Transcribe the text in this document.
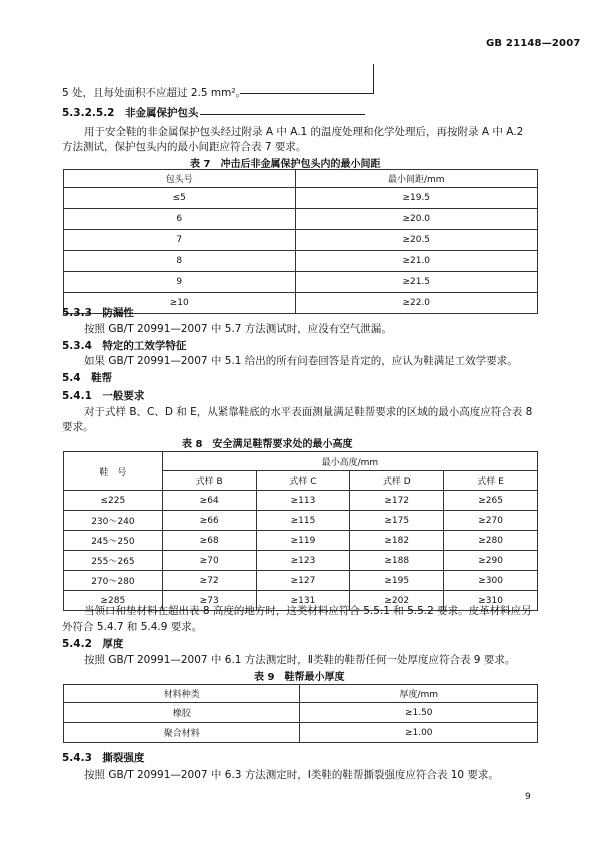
GB 21148—2007
5 处，且每处面积不应超过 2.5 mm²。
5.3.2.5.2　非金属保护包头
用于安全鞋的非金属保护包头经过附录 A 中 A.1 的温度处理和化学处理后，再按附录 A 中 A.2
方法测试，保护包头内的最小间距应符合表 7 要求。
表 7　冲击后非金属保护包头内的最小间距
包头号	最小间距/mm
≤5	≥19.5
6	≥20.0
7	≥20.5
8	≥21.0
9	≥21.5
≥10	≥22.0
5.3.3　防漏性
按照 GB/T 20991—2007 中 5.7 方法测试时，应没有空气泄漏。
5.3.4　特定的工效学特征
如果 GB/T 20991—2007 中 5.1 给出的所有问卷回答是肯定的，应认为鞋满足工效学要求。
5.4　鞋帮
5.4.1　一般要求
对于式样 B、C、D 和 E，从紧靠鞋底的水平表面测量满足鞋帮要求的区域的最小高度应符合表 8
要求。
表 8　安全满足鞋帮要求处的最小高度
鞋　号	最小高度/mm			
	式样 B	式样 C	式样 D	式样 E
≤225	≥64	≥113	≥172	≥265
230～240	≥66	≥115	≥175	≥270
245～250	≥68	≥119	≥182	≥280
255～265	≥70	≥123	≥188	≥290
270～280	≥72	≥127	≥195	≥300
≥285	≥73	≥131	≥202	≥310
当领口和垫材料在超出表 8 高度的地方时，这类材料应符合 5.5.1 和 5.5.2 要求。皮革材料应另
外符合 5.4.7 和 5.4.9 要求。
5.4.2　厚度
按照 GB/T 20991—2007 中 6.1 方法测定时，Ⅱ类鞋的鞋帮任何一处厚度应符合表 9 要求。
表 9　鞋帮最小厚度
材料种类	厚度/mm
橡胶	≥1.50
聚合材料	≥1.00
5.4.3　撕裂强度
按照 GB/T 20991—2007 中 6.3 方法测定时，Ⅰ类鞋的鞋帮撕裂强度应符合表 10 要求。
9
